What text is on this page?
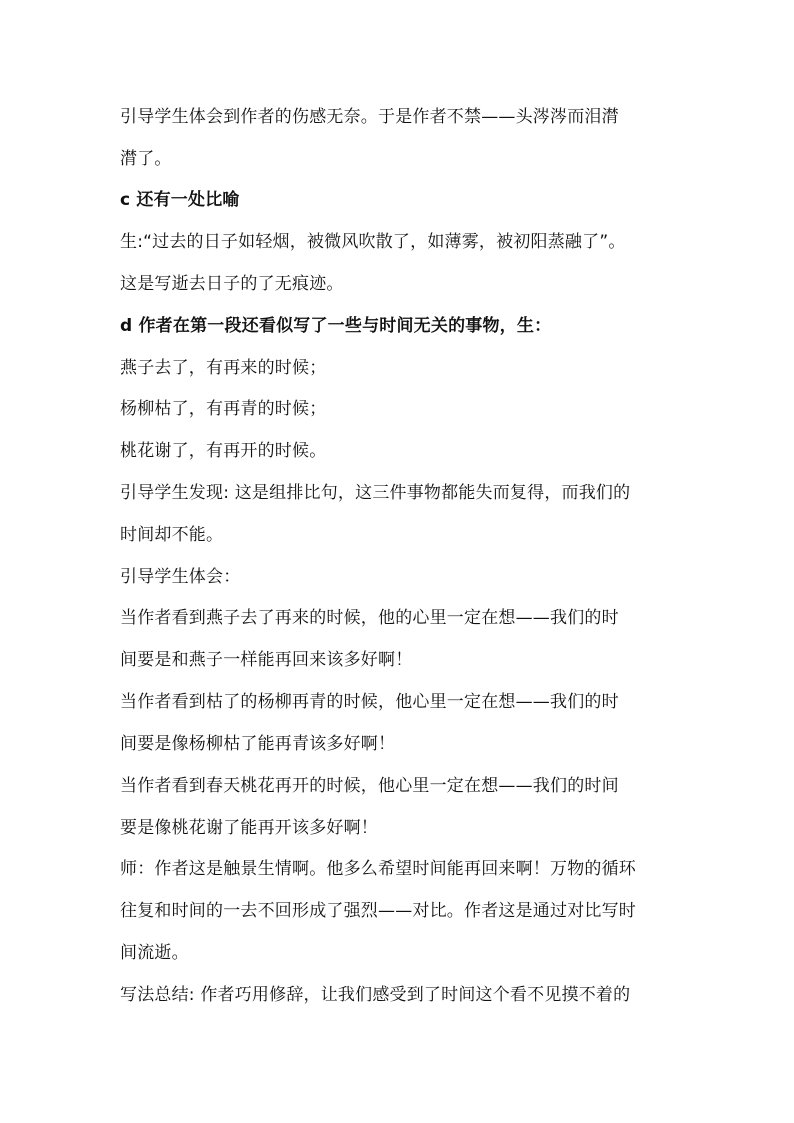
引导学生体会到作者的伤感无奈。于是作者不禁——头涔涔而泪潸
潸了。
c 还有一处比喻
生:“过去的日子如轻烟，被微风吹散了，如薄雾，被初阳蒸融了”。
这是写逝去日子的了无痕迹。
d 作者在第一段还看似写了一些与时间无关的事物，生：
燕子去了，有再来的时候；
杨柳枯了，有再青的时候；
桃花谢了，有再开的时候。
引导学生发现: 这是组排比句，这三件事物都能失而复得，而我们的
时间却不能。
引导学生体会：
当作者看到燕子去了再来的时候，他的心里一定在想——我们的时
间要是和燕子一样能再回来该多好啊！
当作者看到枯了的杨柳再青的时候，他心里一定在想——我们的时
间要是像杨柳枯了能再青该多好啊！
当作者看到春天桃花再开的时候，他心里一定在想——我们的时间
要是像桃花谢了能再开该多好啊！
师：作者这是触景生情啊。他多么希望时间能再回来啊！万物的循环
往复和时间的一去不回形成了强烈——对比。作者这是通过对比写时
间流逝。
写法总结: 作者巧用修辞，让我们感受到了时间这个看不见摸不着的
